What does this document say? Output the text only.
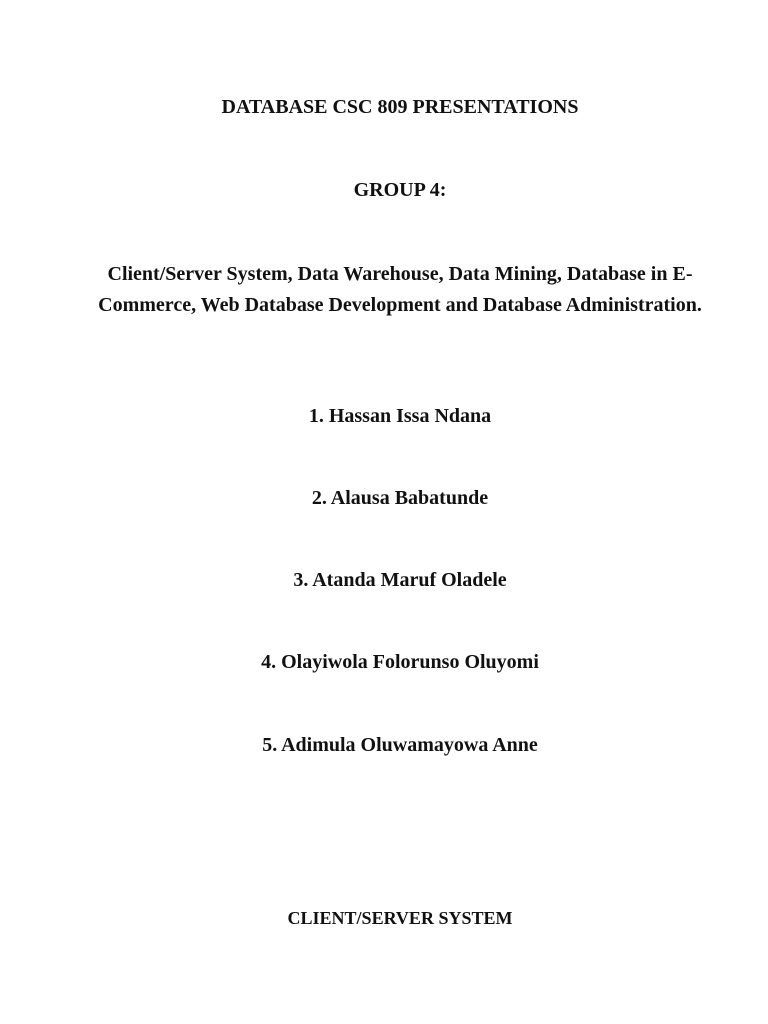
DATABASE CSC 809 PRESENTATIONS
GROUP 4:

Client/Server System, Data Warehouse, Data Mining, Database in E-Commerce, Web Database Development and Database Administration.

1. Hassan Issa Ndana
2. Alausa Babatunde
3. Atanda Maruf Oladele
4. Olayiwola Folorunso Oluyomi
5. Adimula Oluwamayowa Anne
CLIENT/SERVER SYSTEM
